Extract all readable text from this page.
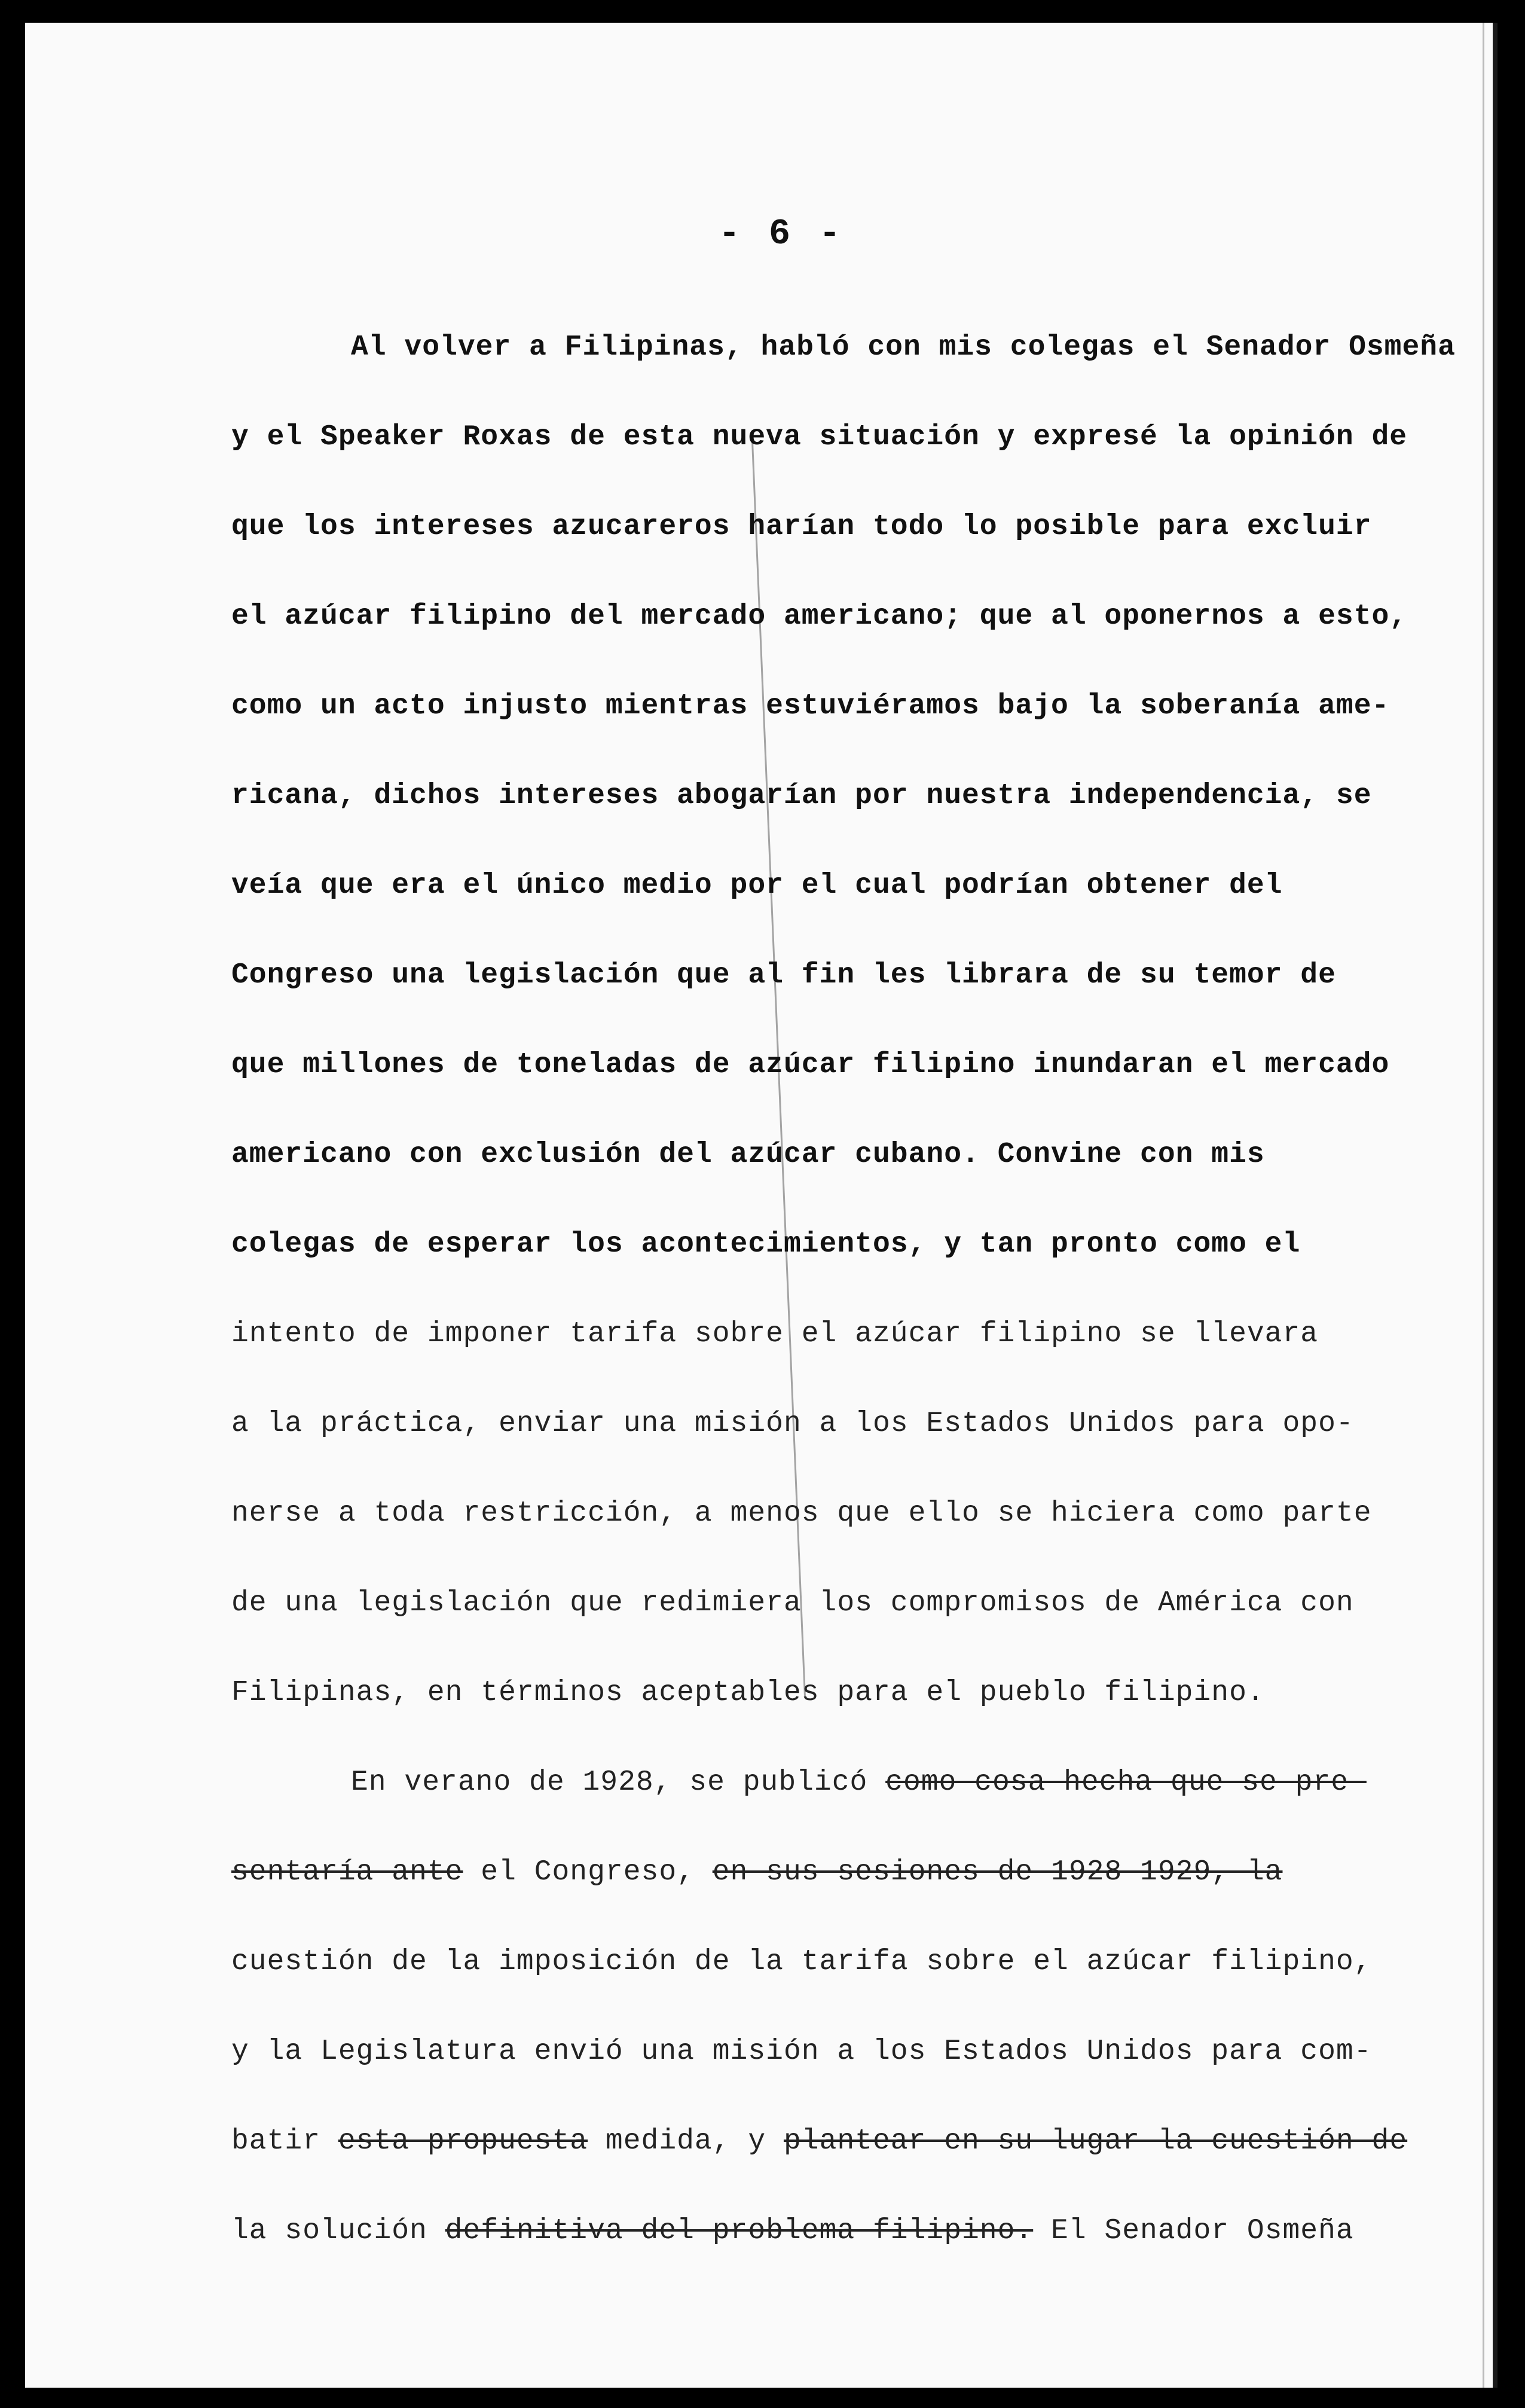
- 6 -
Al volver a Filipinas, habló con mis colegas el Senador Osmeña
y el Speaker Roxas de esta nueva situación y expresé la opinión de
que los intereses azucareros harían todo lo posible para excluir
el azúcar filipino del mercado americano; que al oponernos a esto,
como un acto injusto mientras estuviéramos bajo la soberanía ame-
ricana, dichos intereses abogarían por nuestra independencia, se
veía que era el único medio por el cual podrían obtener del
Congreso una legislación que al fin les librara de su temor de
que millones de toneladas de azúcar filipino inundaran el mercado
americano con exclusión del azúcar cubano. Convine con mis
colegas de esperar los acontecimientos, y tan pronto como el
intento de imponer tarifa sobre el azúcar filipino se llevara
a la práctica, enviar una misión a los Estados Unidos para opo-
nerse a toda restricción, a menos que ello se hiciera como parte
de una legislación que redimiera los compromisos de América con
Filipinas, en términos aceptables para el pueblo filipino.
En verano de 1928, se publicó como cosa hecha que se pre-
sentaría ante el Congreso, en sus sesiones de 1928-1929, la
cuestión de la imposición de la tarifa sobre el azúcar filipino,
y la Legislatura envió una misión a los Estados Unidos para com-
batir esta propuesta medida, y plantear en su lugar la cuestión de
la solución definitiva del problema filipino. El Senador Osmeña
